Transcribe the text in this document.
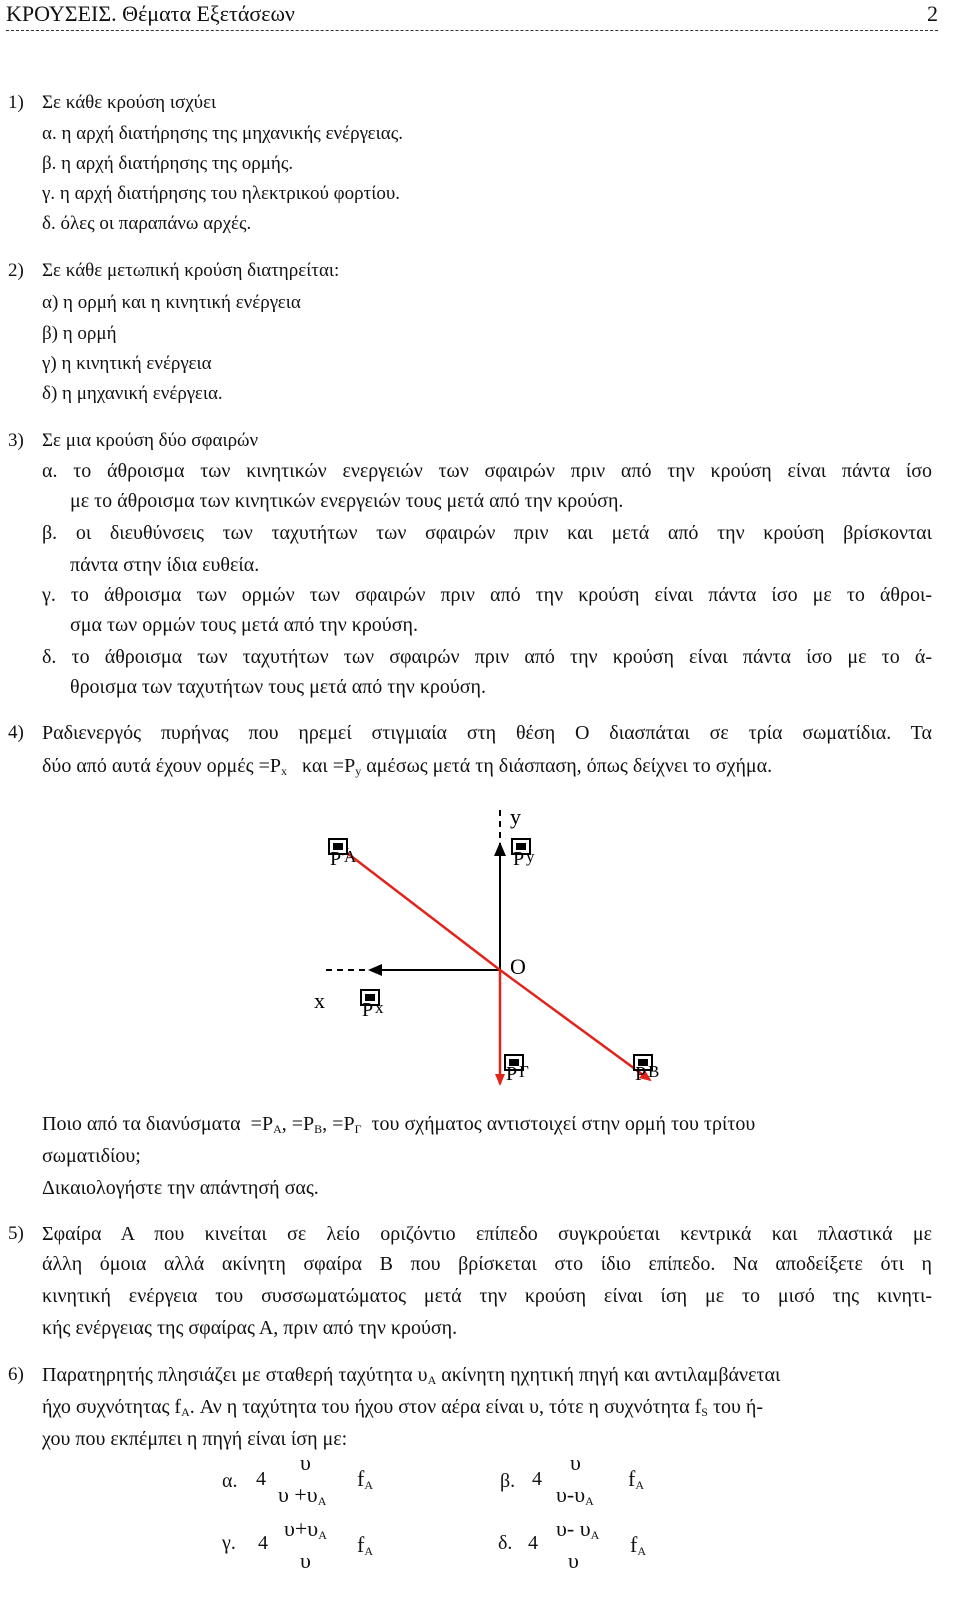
ΚΡΟΥΣΕΙΣ. Θέματα Εξετάσεων	2
1) Σε κάθε κρούση ισχύει
α. η αρχή διατήρησης της μηχανικής ενέργειας.
β. η αρχή διατήρησης της ορμής.
γ. η αρχή διατήρησης του ηλεκτρικού φορτίου.
δ. όλες οι παραπάνω αρχές.
2) Σε κάθε μετωπική κρούση διατηρείται:
α) η ορμή και η κινητική ενέργεια
β) η ορμή
γ) η κινητική ενέργεια
δ) η μηχανική ενέργεια.
3) Σε μια κρούση δύο σφαιρών
α. το άθροισμα των κινητικών ενεργειών των σφαιρών πριν από την κρούση είναι πάντα ίσο
με το άθροισμα των κινητικών ενεργειών τους μετά από την κρούση.
β. οι διευθύνσεις των ταχυτήτων των σφαιρών πριν και μετά από την κρούση βρίσκονται
πάντα στην ίδια ευθεία.
γ. το άθροισμα των ορμών των σφαιρών πριν από την κρούση είναι πάντα ίσο με το άθροι-
σμα των ορμών τους μετά από την κρούση.
δ. το άθροισμα των ταχυτήτων των σφαιρών πριν από την κρούση είναι πάντα ίσο με το ά-
θροισμα των ταχυτήτων τους μετά από την κρούση.
4) Ραδιενεργός πυρήνας που ηρεμεί στιγμιαία στη θέση Ο διασπάται σε τρία σωματίδια. Τα
δύο από αυτά έχουν $o\rho\mu έ\varsigma =P_x$ $\kappa\alpha\iota =P_y$ αμέσως μετά τη διάσπαση, όπως δείχνει το σχήμα.
y
O
x
P A	P y
P x
P Γ	P B
Ποιο από τα $\delta\iota\alpha\nu ύ\sigma\mu\alpha\tau\alpha =P_A$, $=P_B$, $=P_\Gamma$ του σχήματος αντιστοιχεί στην ορμή του τρίτου
σωματιδίου;
Δικαιολογήστε την απάντησή σας.
5) Σφαίρα Α που κινείται σε λείο οριζόντιο επίπεδο συγκρούεται κεντρικά και πλαστικά με
άλλη όμοια αλλά ακίνητη σφαίρα Β που βρίσκεται στο ίδιο επίπεδο. Να αποδείξετε ότι η
κινητική ενέργεια του συσσωματώματος μετά την κρούση είναι ίση με το μισό της κινητι-
κής ενέργειας της σφαίρας Α, πριν από την κρούση.
6) Παρατηρητής πλησιάζει με σταθερή ταχύτητα $\upsilon_A$ ακίνητη ηχητική πηγή και αντιλαμβάνεται
ήχο συχνότητας $f_A$. Αν η ταχύτητα του ήχου στον αέρα είναι υ, τότε η συχνότητα $f_S$ του ή-
χου που εκπέμπει η πηγή είναι ίση με:
α. 4
υ
$\upsilon +\upsilon_A$
$f_A$	β. 4
υ
$\upsilon-\upsilon_A$
$f_A$
γ. 4
$\upsilon+\upsilon_A$
υ
$f_A$	δ. 4
υ- $\upsilon_A$
υ
$f_A$
